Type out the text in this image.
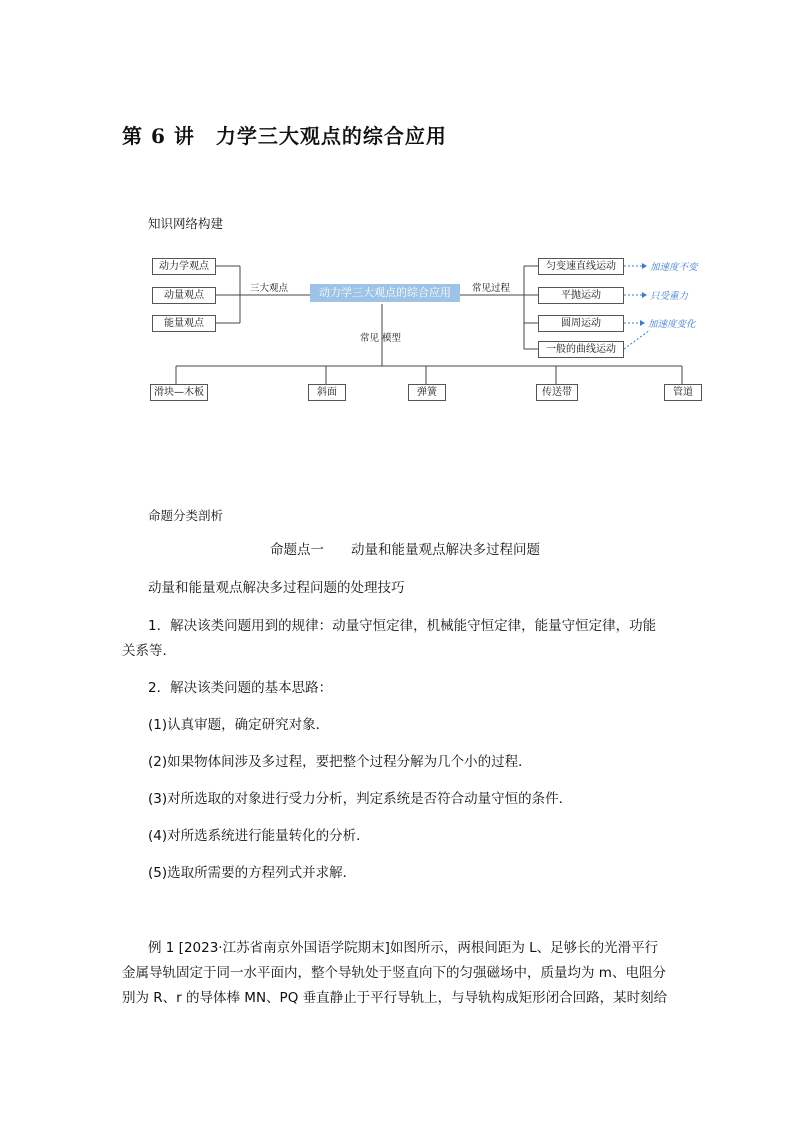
第 6 讲　力学三大观点的综合应用
知识网络构建
动力学观点
动量观点
能量观点
三大观点	动力学三大观点的综合应用	常见过程
常见 模型
匀变速直线运动
平抛运动
圆周运动
一般的曲线运动
加速度不变
只受重力
加速度变化
滑块—木板	斜面	弹簧	传送带	管道
命题分类剖析
命题点一　　动量和能量观点解决多过程问题
动量和能量观点解决多过程问题的处理技巧
1．解决该类问题用到的规律：动量守恒定律，机械能守恒定律，能量守恒定律，功能
关系等．
2．解决该类问题的基本思路：
(1)认真审题，确定研究对象．
(2)如果物体间涉及多过程，要把整个过程分解为几个小的过程．
(3)对所选取的对象进行受力分析，判定系统是否符合动量守恒的条件．
(4)对所选系统进行能量转化的分析．
(5)选取所需要的方程列式并求解．
例 1 [2023·江苏省南京外国语学院期末]如图所示，两根间距为 L、足够长的光滑平行
金属导轨固定于同一水平面内，整个导轨处于竖直向下的匀强磁场中，质量均为 m、电阻分
别为 R、r 的导体棒 MN、PQ 垂直静止于平行导轨上，与导轨构成矩形闭合回路，某时刻给
